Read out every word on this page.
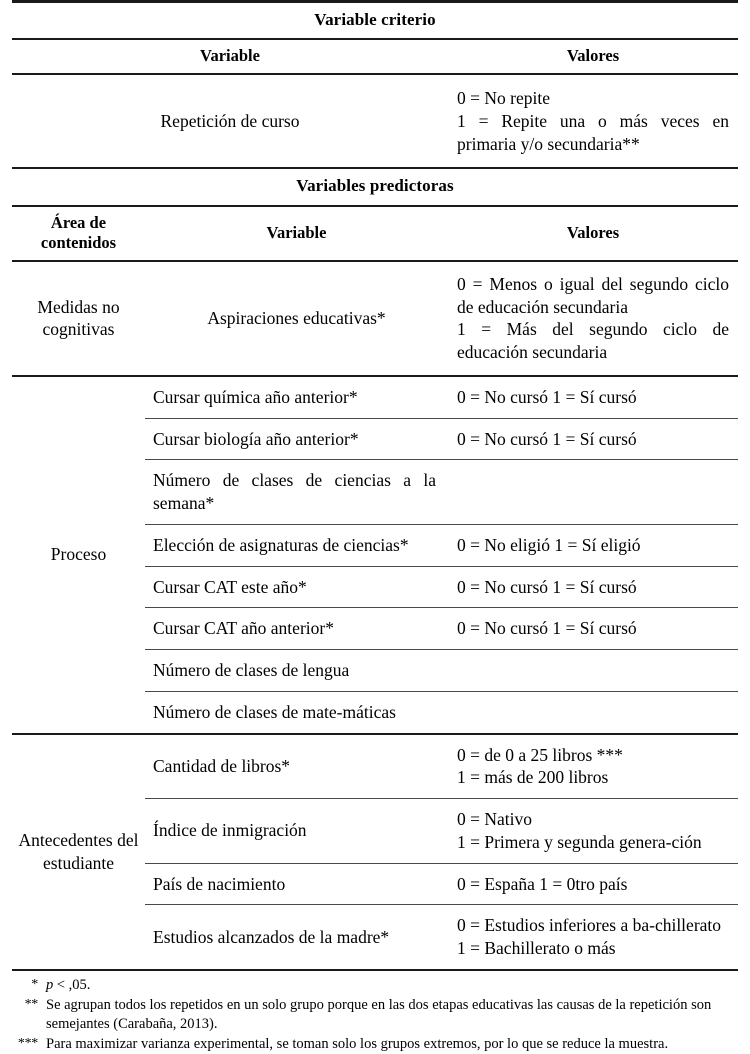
Variable criterio		
Variable		Valores
Repetición de curso		0 = No repite
1 = Repite una o más veces en primaria y/o secundaria**

Variables predictoras		
Área de contenidos	Variable	Valores
Medidas no cognitivas	Aspiraciones educativas*	0 = Menos o igual del segundo ciclo de educación secundaria
1 = Más del segundo ciclo de educación secundaria

Proceso	Cursar química año anterior*	0 = No cursó 1 = Sí cursó
	Cursar biología año anterior*	0 = No cursó 1 = Sí cursó
	Número de clases de ciencias a la semana*	
	Elección de asignaturas de ciencias*	0 = No eligió 1 = Sí eligió
	Cursar CAT este año*	0 = No cursó 1 = Sí cursó
	Cursar CAT año anterior*	0 = No cursó 1 = Sí cursó
	Número de clases de lengua	
	Número de clases de mate-máticas	
Antecedentes del estudiante	Cantidad de libros*	0 = de 0 a 25 libros ***
1 = más de 200 libros

	Índice de inmigración	0 = Nativo
1 = Primera y segunda genera-ción

	País de nacimiento	0 = España 1 = 0tro país
	Estudios alcanzados de la madre*	0 = Estudios inferiores a ba-chillerato
1 = Bachillerato o más
* p < ,05.
** Se agrupan todos los repetidos en un solo grupo porque en las dos etapas educativas las causas de la repetición son semejantes (Carabaña, 2013).
*** Para maximizar varianza experimental, se toman solo los grupos extremos, por lo que se reduce la muestra.
